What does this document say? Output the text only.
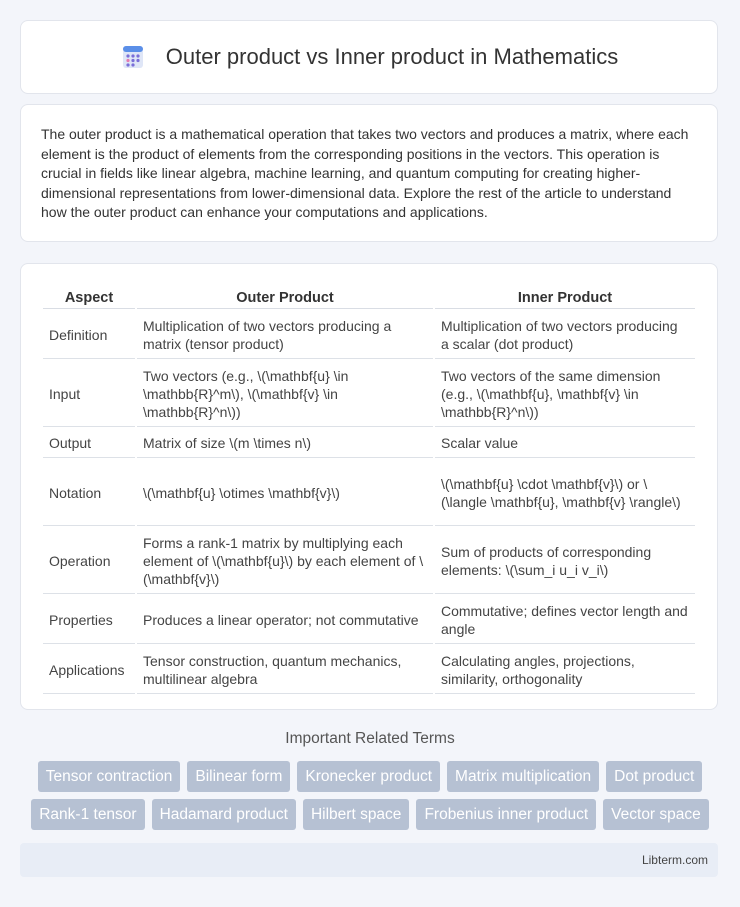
Outer product vs Inner product in Mathematics

The outer product is a mathematical operation that takes two vectors and produces a matrix, where each element is the product of elements from the corresponding positions in the vectors. This operation is crucial in fields like linear algebra, machine learning, and quantum computing for creating higher-dimensional representations from lower-dimensional data. Explore the rest of the article to understand how the outer product can enhance your computations and applications.

Aspect	Outer Product	Inner Product
Definition	Multiplication of two vectors producing a matrix (tensor product)	Multiplication of two vectors producing a scalar (dot product)
Input	Two vectors (e.g., \(\mathbf{u} \in \mathbb{R}^m\), \(\mathbf{v} \in \mathbb{R}^n\))	Two vectors of the same dimension (e.g., \(\mathbf{u}, \mathbf{v} \in \mathbb{R}^n\))
Output	Matrix of size \(m \times n\)	Scalar value
Notation	\(\mathbf{u} \otimes \mathbf{v}\)	\(\mathbf{u} \cdot \mathbf{v}\) or \(\langle \mathbf{u}, \mathbf{v} \rangle\)
Operation	Forms a rank-1 matrix by multiplying each element of \(\mathbf{u}\) by each element of \(\mathbf{v}\)	Sum of products of corresponding elements: \(\sum_i u_i v_i\)
Properties	Produces a linear operator; not commutative	Commutative; defines vector length and angle
Applications	Tensor construction, quantum mechanics, multilinear algebra	Calculating angles, projections, similarity, orthogonality
Important Related Terms
Tensor contraction	Bilinear form	Kronecker product	Matrix multiplication	Dot product
Rank-1 tensor	Hadamard product	Hilbert space	Frobenius inner product	Vector space
Libterm.com
